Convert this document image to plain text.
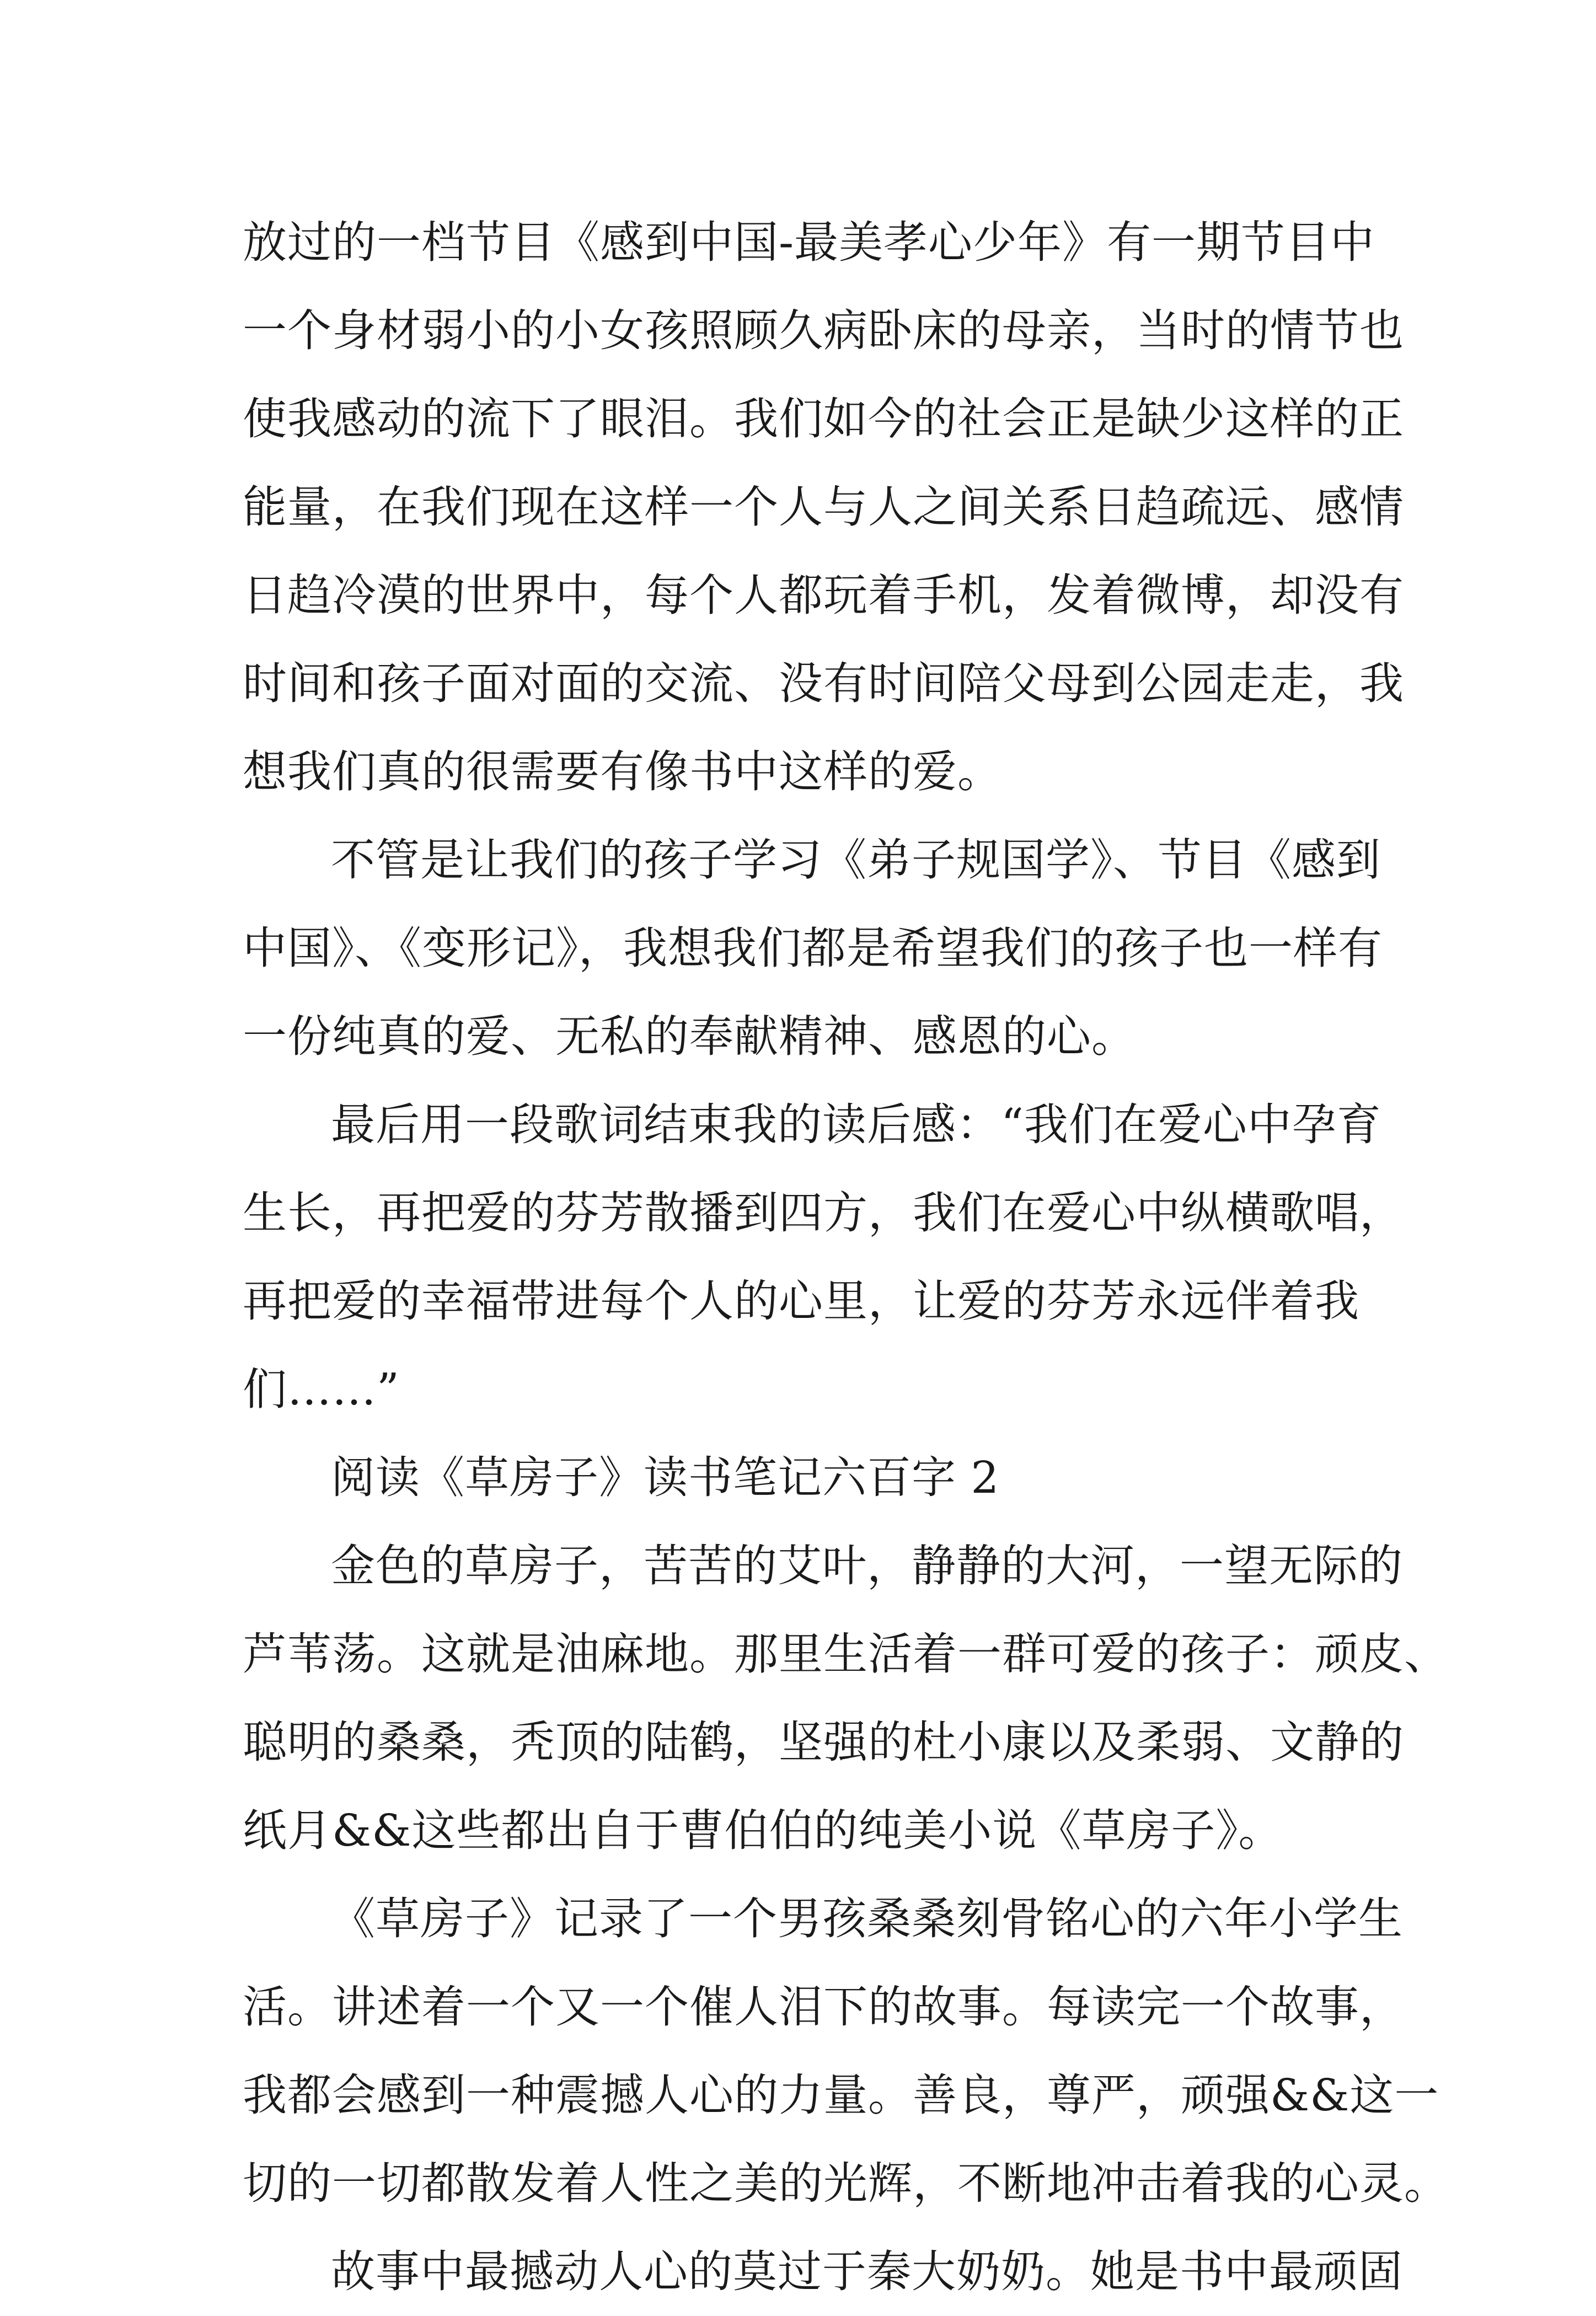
放过的一档节目《感到中国-最美孝心少年》有一期节目中
一个身材弱小的小女孩照顾久病卧床的母亲，当时的情节也
使我感动的流下了眼泪。我们如今的社会正是缺少这样的正
能量，在我们现在这样一个人与人之间关系日趋疏远、感情
日趋冷漠的世界中，每个人都玩着手机，发着微博，却没有
时间和孩子面对面的交流、没有时间陪父母到公园走走，我
想我们真的很需要有像书中这样的爱。
不管是让我们的孩子学习《弟子规国学》、节目《感到
中国》、《变形记》，我想我们都是希望我们的孩子也一样有
一份纯真的爱、无私的奉献精神、感恩的心。
最后用一段歌词结束我的读后感：“我们在爱心中孕育
生长，再把爱的芬芳散播到四方，我们在爱心中纵横歌唱，
再把爱的幸福带进每个人的心里，让爱的芬芳永远伴着我
们……”
阅读《草房子》读书笔记六百字 2
金色的草房子，苦苦的艾叶，静静的大河，一望无际的
芦苇荡。这就是油麻地。那里生活着一群可爱的孩子：顽皮、
聪明的桑桑，秃顶的陆鹤，坚强的杜小康以及柔弱、文静的
纸月&&这些都出自于曹伯伯的纯美小说《草房子》。
《草房子》记录了一个男孩桑桑刻骨铭心的六年小学生
活。讲述着一个又一个催人泪下的故事。每读完一个故事，
我都会感到一种震撼人心的力量。善良，尊严，顽强&&这一
切的一切都散发着人性之美的光辉，不断地冲击着我的心灵。
故事中最撼动人心的莫过于秦大奶奶。她是书中最顽固
